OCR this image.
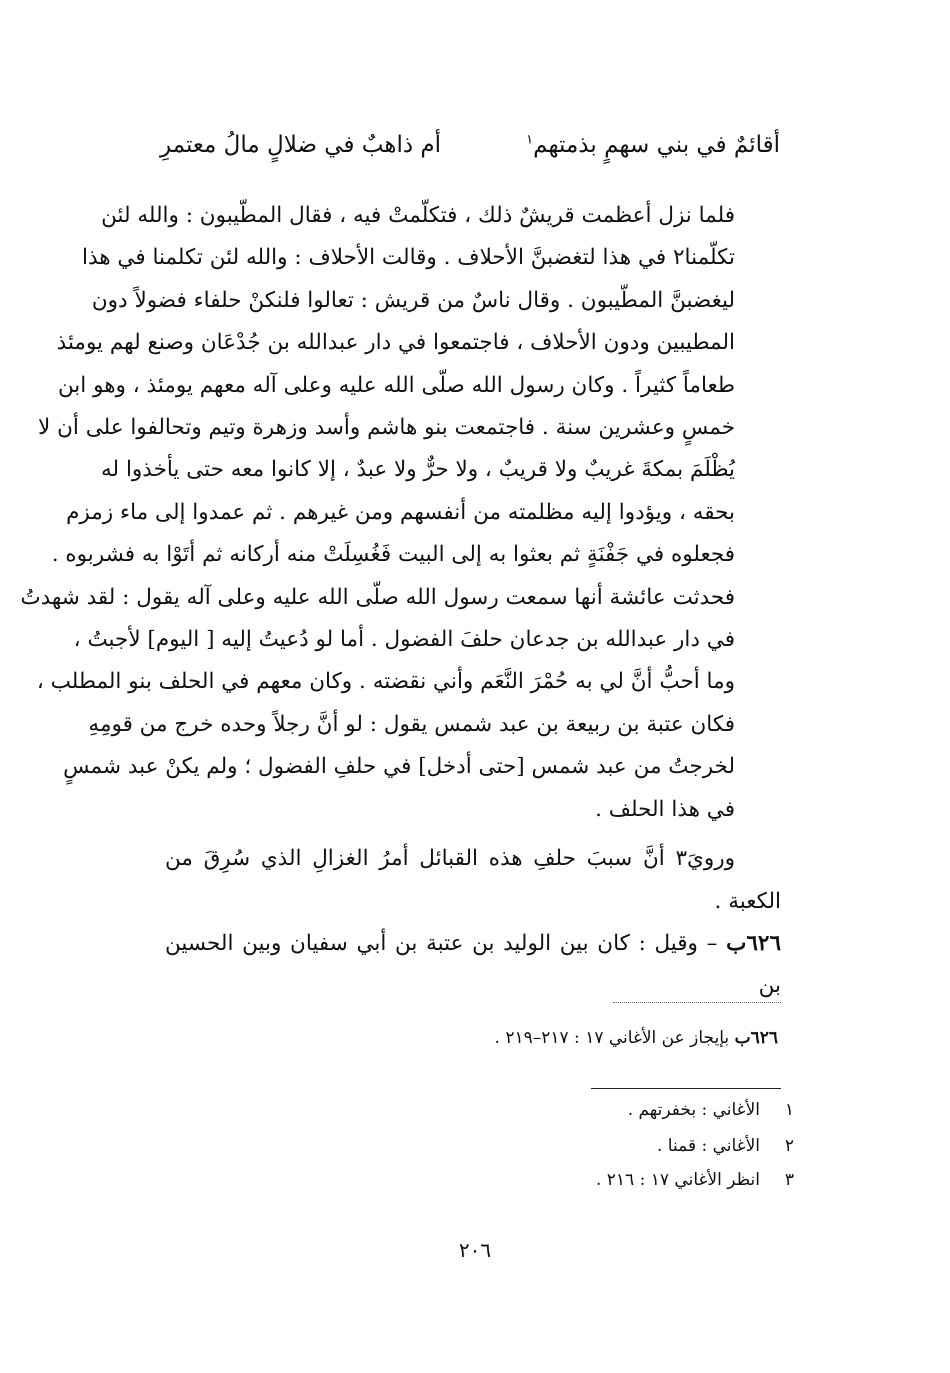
أقائمٌ في بني سهمٍ بذمتهم$^١$
أم ذاهبٌ في ضلالٍ مالُ معتمرِ

فلما نزل أعظمت قريشٌ ذلك ، فتكلّمتْ فيه ، فقال المطّيبون : والله لئن
تكلّمنا٢ في هذا لتغضبنَّ الأحلاف . وقالت الأحلاف : والله لئن تكلمنا في هذا
ليغضبنَّ المطّيبون . وقال ناسٌ من قريش : تعالوا فلنكنْ حلفاء فضولاً دون
المطيبين ودون الأحلاف ، فاجتمعوا في دار عبدالله بن جُدْعَان وصنع لهم يومئذ
طعاماً كثيراً . وكان رسول الله صلّى الله عليه وعلى آله معهم يومئذ ، وهو ابن
خمسٍ وعشرين سنة . فاجتمعت بنو هاشم وأسد وزهرة وتيم وتحالفوا على أن لا
يُظْلَمَ بمكةَ غريبٌ ولا قريبٌ ، ولا حرٌّ ولا عبدٌ ، إلا كانوا معه حتى يأخذوا له
بحقه ، ويؤدوا إليه مظلمته من أنفسهم ومن غيرهم . ثم عمدوا إلى ماء زمزم
فجعلوه في جَفْنَةٍ ثم بعثوا به إلى البيت فَغُسِلَتْ منه أركانه ثم أتَوْا به فشربوه .
فحدثت عائشة أنها سمعت رسول الله صلّى الله عليه وعلى آله يقول : لقد شهدتُ
في دار عبدالله بن جدعان حلفَ الفضول . أما لو دُعيتُ إليه [ اليوم] لأجبتُ ،
وما أحبُّ أنَّ لي به حُمْرَ النَّعَم وأني نقضته . وكان معهم في الحلف بنو المطلب ،
فكان عتبة بن ربيعة بن عبد شمس يقول : لو أنَّ رجلاً وحده خرج من قومِهِ
لخرجتُ من عبد شمس [حتى أدخل] في حلفِ الفضول ؛ ولم يكنْ عبد شمسٍ
في هذا الحلف .

ورويَ٣ أنَّ سببَ حلفِ هذه القبائل أمرُ الغزالِ الذي سُرِقَ من الكعبة .

٦٢٦ب – وقيل : كان بين الوليد بن عتبة بن أبي سفيان وبين الحسين بن

٦٢٦ب بإيجاز عن الأغاني ١٧ : ٢١٧–٢١٩ .
١
الأغاني : بخفرتهم .
٢
الأغاني : قمنا .
٣
انظر الأغاني ١٧ : ٢١٦ .
٢٠٦
